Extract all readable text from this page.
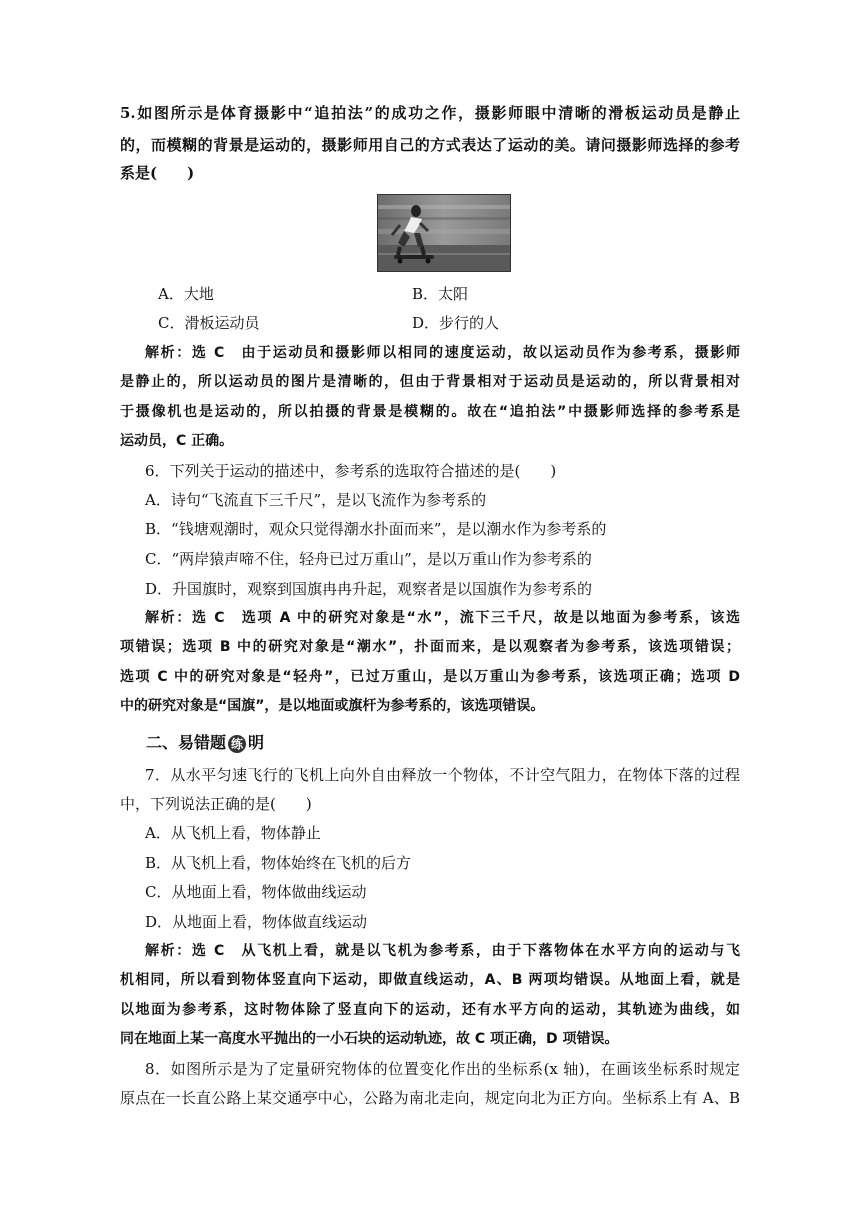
5.如图所示是体育摄影中“追拍法”的成功之作，摄影师眼中清晰的滑板运动员是静止
的，而模糊的背景是运动的，摄影师用自己的方式表达了运动的美。请问摄影师选择的参考
系是(　　)
A．大地	B．太阳
C．滑板运动员	D．步行的人
解析：选 C　由于运动员和摄影师以相同的速度运动，故以运动员作为参考系，摄影师
是静止的，所以运动员的图片是清晰的，但由于背景相对于运动员是运动的，所以背景相对
于摄像机也是运动的，所以拍摄的背景是模糊的。故在“追拍法”中摄影师选择的参考系是
运动员，C 正确。
6．下列关于运动的描述中，参考系的选取符合描述的是(　　)
A．诗句“飞流直下三千尺”，是以飞流作为参考系的
B．“钱塘观潮时，观众只觉得潮水扑面而来”，是以潮水作为参考系的
C．“两岸猿声啼不住，轻舟已过万重山”，是以万重山作为参考系的
D．升国旗时，观察到国旗冉冉升起，观察者是以国旗作为参考系的
解析：选 C　选项 A 中的研究对象是“水”，流下三千尺，故是以地面为参考系，该选
项错误；选项 B 中的研究对象是“潮水”，扑面而来，是以观察者为参考系，该选项错误；
选项 C 中的研究对象是“轻舟”，已过万重山，是以万重山为参考系，该选项正确；选项 D
中的研究对象是“国旗”，是以地面或旗杆为参考系的，该选项错误。
二、易错题 练 明
7．从水平匀速飞行的飞机上向外自由释放一个物体，不计空气阻力，在物体下落的过程
中，下列说法正确的是(　　)
A．从飞机上看，物体静止
B．从飞机上看，物体始终在飞机的后方
C．从地面上看，物体做曲线运动
D．从地面上看，物体做直线运动
解析：选 C　从飞机上看，就是以飞机为参考系，由于下落物体在水平方向的运动与飞
机相同，所以看到物体竖直向下运动，即做直线运动，A、B 两项均错误。从地面上看，就是
以地面为参考系，这时物体除了竖直向下的运动，还有水平方向的运动，其轨迹为曲线，如
同在地面上某一高度水平抛出的一小石块的运动轨迹，故 C 项正确，D 项错误。
8．如图所示是为了定量研究物体的位置变化作出的坐标系(x 轴)，在画该坐标系时规定
原点在一长直公路上某交通亭中心，公路为南北走向，规定向北为正方向。坐标系上有 A、B
